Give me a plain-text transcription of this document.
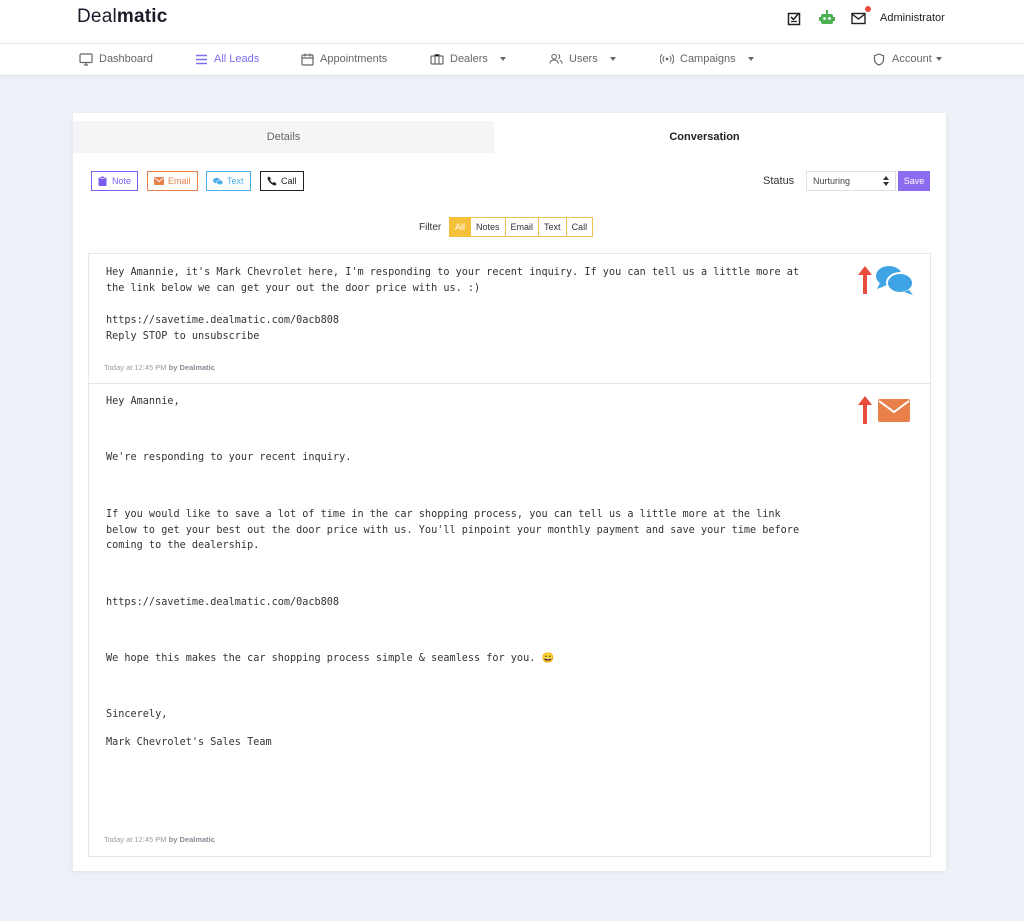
Dealmatic	Administrator
Dashboard	All Leads	Appointments	Dealers	Users	Campaigns	Account
Details	Conversation
Note	Email	Text	Call	Status Nurturing	Save
Filter	All	Notes	Email	Text	Call
Hey Amannie, it's Mark Chevrolet here, I'm responding to your recent inquiry. If you can tell us a little more at
the link below we can get your out the door price with us. :)
https://savetime.dealmatic.com/0acb808
Reply STOP to unsubscribe
Today at 12:45 PM by Dealmatic
Hey Amannie,
We're responding to your recent inquiry.
If you would like to save a lot of time in the car shopping process, you can tell us a little more at the link
below to get your best out the door price with us. You'll pinpoint your monthly payment and save your time before
coming to the dealership.
https://savetime.dealmatic.com/0acb808
We hope this makes the car shopping process simple & seamless for you. 😀
Sincerely,
Mark Chevrolet's Sales Team
Today at 12:45 PM by Dealmatic
